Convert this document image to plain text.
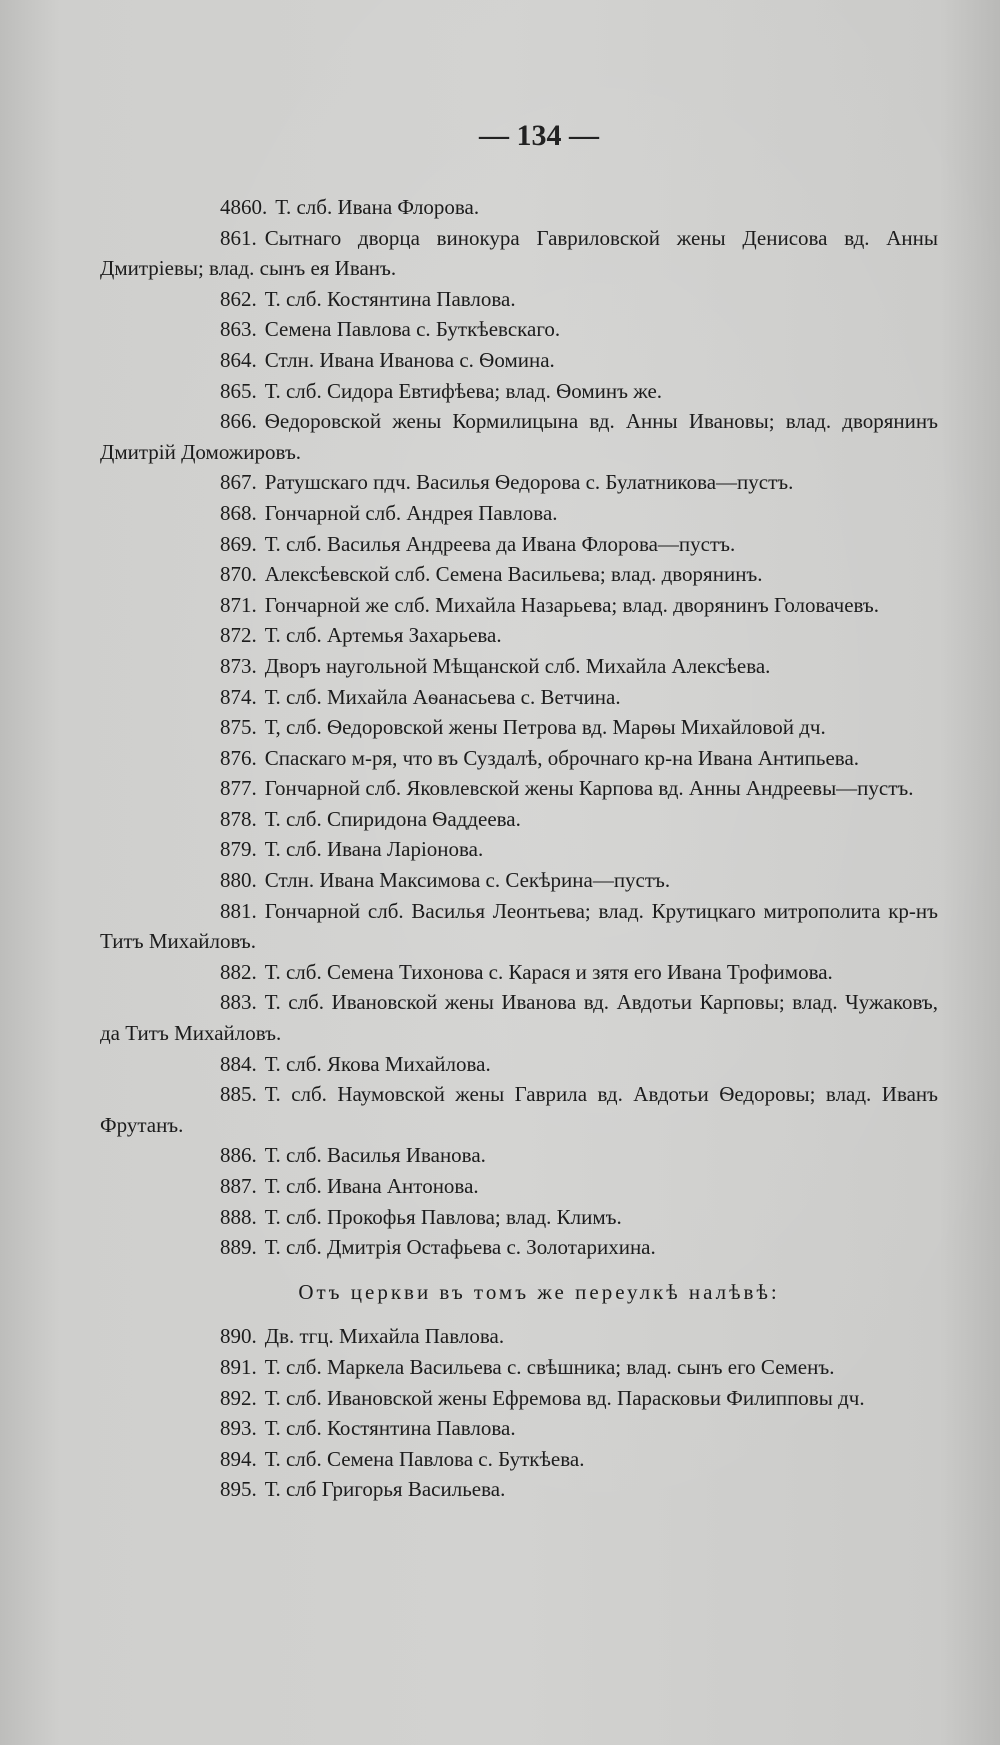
— 134 —

4860. Т. слб. Ивана Флорова.

861. Сытнаго дворца винокура Гавриловской жены Денисова вд. Анны Дмитріевы; влад. сынъ ея Иванъ.

862. Т. слб. Костянтина Павлова.

863. Семена Павлова с. Буткѣевскаго.

864. Стлн. Ивана Иванова с. Ѳомина.

865. Т. слб. Сидора Евтифѣева; влад. Ѳоминъ же.

866. Ѳедоровской жены Кормилицына вд. Анны Ивановы; влад. дворянинъ Дмитрій Доможировъ.

867. Ратушскаго пдч. Василья Ѳедорова с. Булатникова—пустъ.

868. Гончарной слб. Андрея Павлова.

869. Т. слб. Василья Андреева да Ивана Флорова—пустъ.

870. Алексѣевской слб. Семена Васильева; влад. дворянинъ.

871. Гончарной же слб. Михайла Назарьева; влад. дворянинъ Головачевъ.

872. Т. слб. Артемья Захарьева.

873. Дворъ наугольной Мѣщанской слб. Михайла Алексѣева.

874. Т. слб. Михайла Аѳанасьева с. Ветчина.

875. Т, слб. Ѳедоровской жены Петрова вд. Марѳы Михайловой дч.

876. Спаскаго м-ря, что въ Суздалѣ, оброчнаго кр-на Ивана Антипьева.

877. Гончарной слб. Яковлевской жены Карпова вд. Анны Андреевы—пустъ.

878. Т. слб. Спиридона Ѳаддеева.

879. Т. слб. Ивана Ларіонова.

880. Стлн. Ивана Максимова с. Секѣрина—пустъ.

881. Гончарной слб. Василья Леонтьева; влад. Крутицкаго митрополита кр-нъ Титъ Михайловъ.

882. Т. слб. Семена Тихонова с. Карася и зятя его Ивана Трофимова.

883. Т. слб. Ивановской жены Иванова вд. Авдотьи Карповы; влад. Чужаковъ, да Титъ Михайловъ.

884. Т. слб. Якова Михайлова.

885. Т. слб. Наумовской жены Гаврила вд. Авдотьи Ѳедоровы; влад. Иванъ Фрутанъ.

886. Т. слб. Василья Иванова.

887. Т. слб. Ивана Антонова.

888. Т. слб. Прокофья Павлова; влад. Климъ.

889. Т. слб. Дмитрія Остафьева с. Золотарихина.

Отъ церкви въ томъ же переулкѣ налѣвѣ:

890. Дв. тгц. Михайла Павлова.

891. Т. слб. Маркела Васильева с. свѣшника; влад. сынъ его Семенъ.

892. Т. слб. Ивановской жены Ефремова вд. Парасковьи Филипповы дч.

893. Т. слб. Костянтина Павлова.

894. Т. слб. Семена Павлова с. Буткѣева.

895. Т. слб Григорья Васильева.
